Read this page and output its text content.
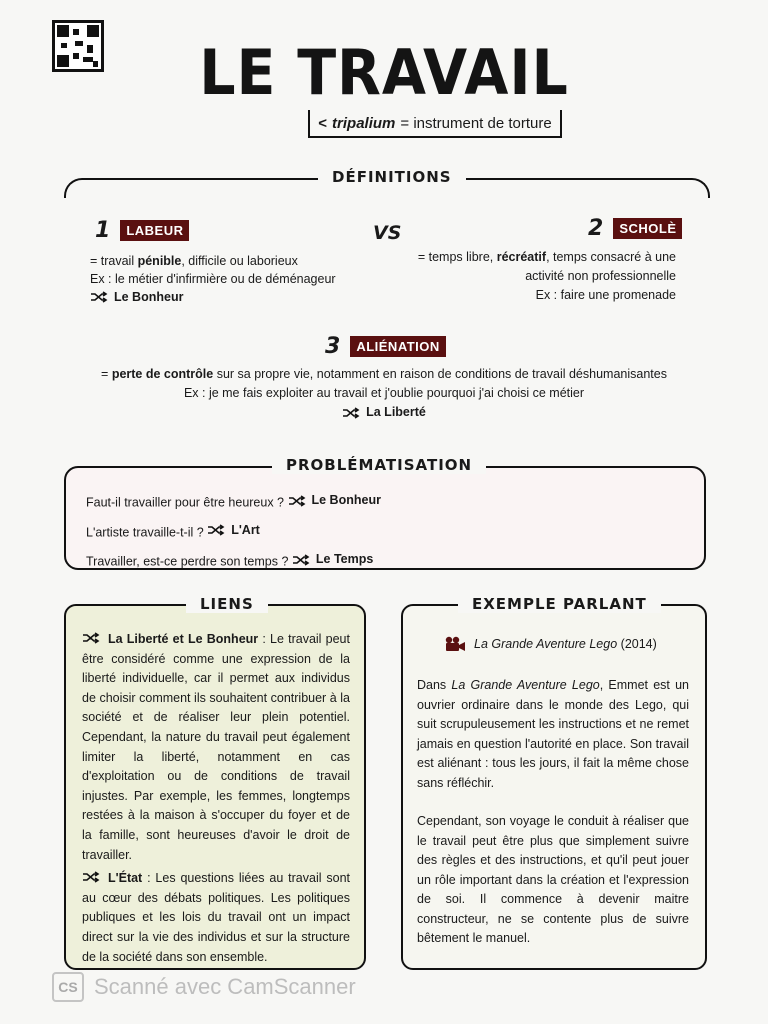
LE TRAVAIL
< tripalium = instrument de torture
DÉFINITIONS
1	LABEUR	VS	2	SCHOLÈ
= travail pénible, difficile ou laborieux
Ex : le métier d'infirmière ou de déménageur
Le Bonheur
= temps libre, récréatif, temps consacré à une
activité non professionnelle
Ex : faire une promenade
3	ALIÉNATION
= perte de contrôle sur sa propre vie, notamment en raison de conditions de travail déshumanisantes
Ex : je me fais exploiter au travail et j'oublie pourquoi j'ai choisi ce métier
La Liberté
PROBLÉMATISATION
Faut-il travailler pour être heureux ? Le Bonheur
L'artiste travaille-t-il ? L'Art
Travailler, est-ce perdre son temps ? Le Temps
LIENS

La Liberté et Le Bonheur : Le travail peut être considéré comme une expression de la liberté individuelle, car il permet aux individus de choisir comment ils souhaitent contribuer à la société et de réaliser leur plein potentiel. Cependant, la nature du travail peut également limiter la liberté, notamment en cas d'exploitation ou de conditions de travail injustes. Par exemple, les femmes, longtemps restées à la maison à s'occuper du foyer et de la famille, sont heureuses d'avoir le droit de travailler.

L'État : Les questions liées au travail sont au cœur des débats politiques. Les politiques publiques et les lois du travail ont un impact direct sur la vie des individus et sur la structure de la société dans son ensemble.

EXEMPLE PARLANT
La Grande Aventure Lego (2014)

Dans La Grande Aventure Lego, Emmet est un ouvrier ordinaire dans le monde des Lego, qui suit scrupuleusement les instructions et ne remet jamais en question l'autorité en place. Son travail est aliénant : tous les jours, il fait la même chose sans réfléchir.

Cependant, son voyage le conduit à réaliser que le travail peut être plus que simplement suivre des règles et des instructions, et qu'il peut jouer un rôle important dans la création et l'expression de soi. Il commence à devenir maitre constructeur, ne se contente plus de suivre bêtement le manuel.

CS Scanné avec CamScanner
